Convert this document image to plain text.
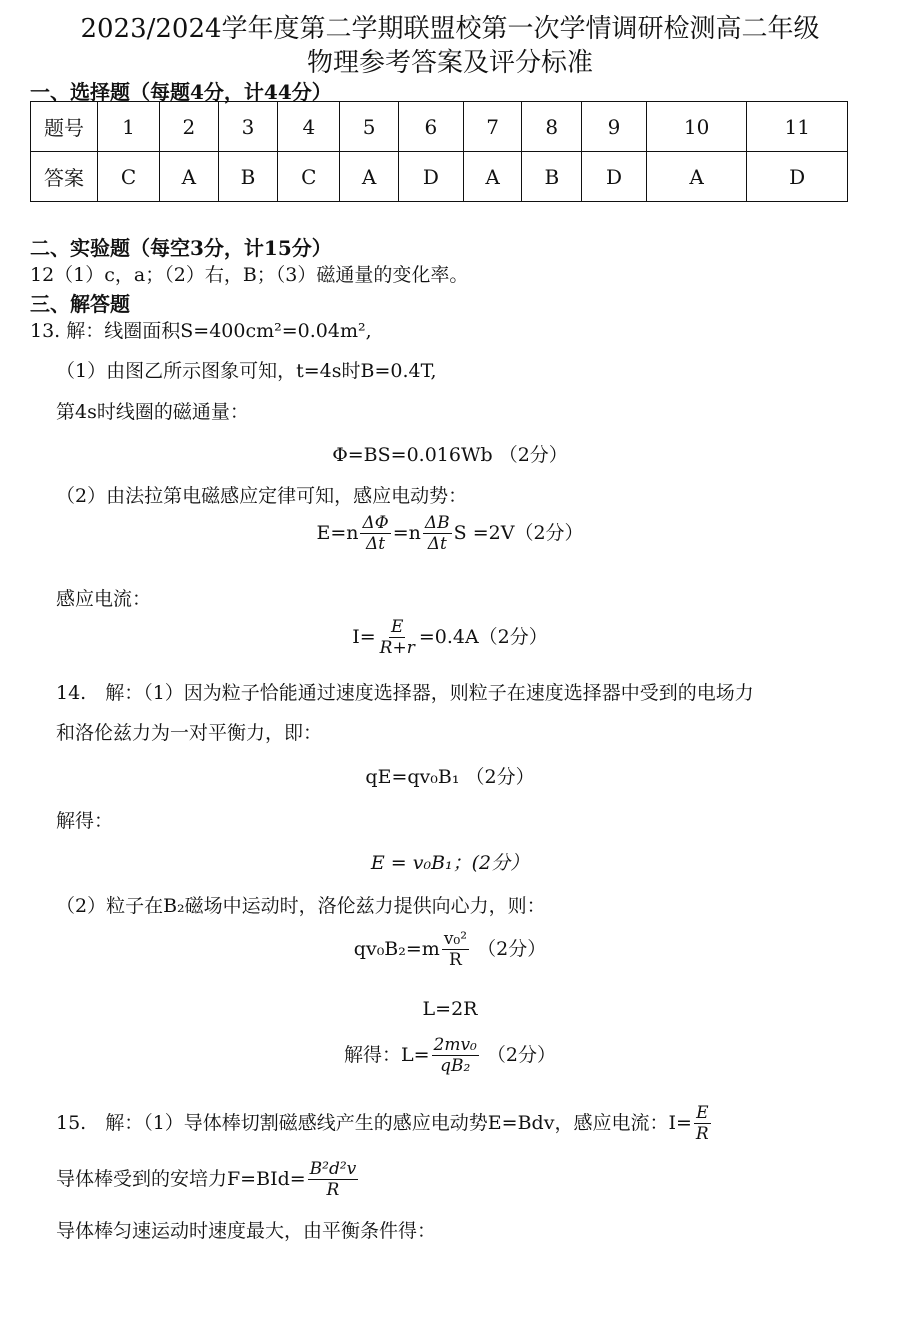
2023/2024学年度第二学期联盟校第一次学情调研检测高二年级
物理参考答案及评分标准
一、选择题（每题4分，计44分）
题号	1	2	3	4	5	6	7	8	9	10	11
答案	C	A	B	C	A	D	A	B	D	A	D
二、实验题（每空3分，计15分）
12（1）c，a；（2）右，B；（3）磁通量的变化率。
三、解答题
13. 解：线圈面积S=400cm²=0.04m²,
（1）由图乙所示图象可知，t=4s时B=0.4T,
第4s时线圈的磁通量：
Φ=BS=0.016Wb （2分）
（2）由法拉第电磁感应定律可知，感应电动势：
$E=n \frac{\Delta\Phi}{\Delta t} =n \frac{\Delta B}{\Delta t}$ S =2V（2分）
感应电流：
$I= \frac{E}{R+r} =0.4A(2$分）
14.　解：（1）因为粒子恰能通过速度选择器，则粒子在速度选择器中受到的电场力
和洛伦兹力为一对平衡力，即：
qE=qv₀B₁ （2分）
解得：
E = v₀B₁；(2分）
（2）粒子在B₂磁场中运动时，洛伦兹力提供向心力，则：
$qv_0B_2=m \frac{\text{v₀²}}{R} (2$分）
L=2R
解得：$L= \frac{\text{2mv₀}}{\text{qB₂}} (2$分）
15.　解：（1）导体棒切割磁感线产生的感应电动势E=Bdv，感应电流：$I= \frac{E}{R}$
导体棒受到的安培力$F=BId= \frac{\text{B²d²v}}{R}$
导体棒匀速运动时速度最大，由平衡条件得：
